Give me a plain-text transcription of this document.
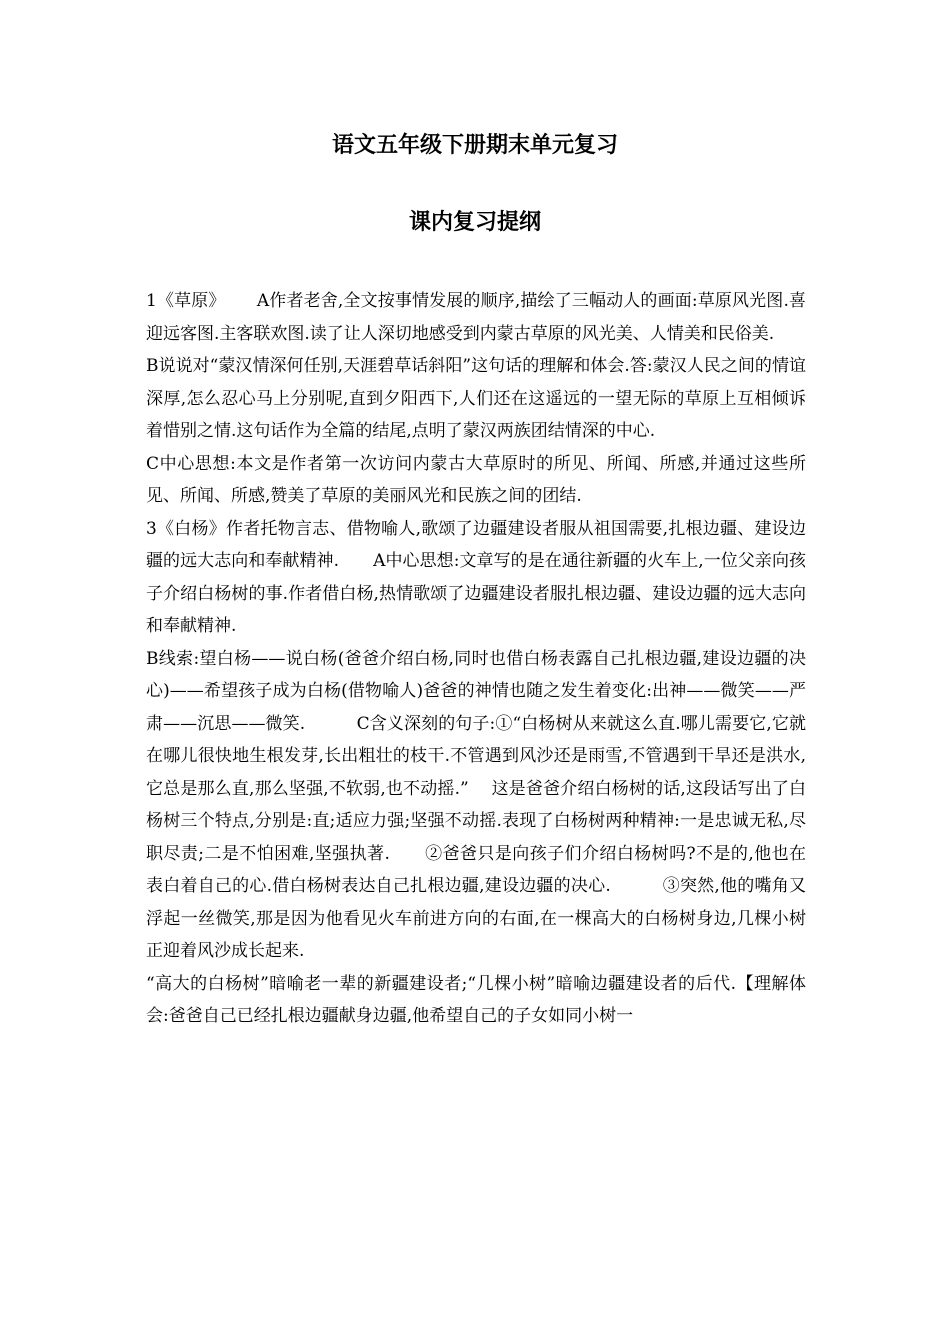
语文五年级下册期末单元复习
课内复习提纲

1《草原》　　 A作者老舍,全文按事情发展的顺序,描绘了三幅动人的画面:草原风光图.喜迎远客图.主客联欢图.读了让人深切地感受到内蒙古草原的风光美、人情美和民俗美.

B说说对“蒙汉情深何任别,天涯碧草话斜阳”这句话的理解和体会.答:蒙汉人民之间的情谊深厚,怎么忍心马上分别呢,直到夕阳西下,人们还在这遥远的一望无际的草原上互相倾诉着惜别之情.这句话作为全篇的结尾,点明了蒙汉两族团结情深的中心.

C中心思想:本文是作者第一次访问内蒙古大草原时的所见、所闻、所感,并通过这些所见、所闻、所感,赞美了草原的美丽风光和民族之间的团结.

3《白杨》作者托物言志、借物喻人,歌颂了边疆建设者服从祖国需要,扎根边疆、建设边疆的远大志向和奉献精神.　　A中心思想:文章写的是在通往新疆的火车上,一位父亲向孩子介绍白杨树的事.作者借白杨,热情歌颂了边疆建设者服扎根边疆、建设边疆的远大志向和奉献精神.

B线索:望白杨——说白杨(爸爸介绍白杨,同时也借白杨表露自己扎根边疆,建设边疆的决心)——希望孩子成为白杨(借物喻人)爸爸的神情也随之发生着变化:出神——微笑——严肃——沉思——微笑.　　　C含义深刻的句子:①“白杨树从来就这么直.哪儿需要它,它就在哪儿很快地生根发芽,长出粗壮的枝干.不管遇到风沙还是雨雪,不管遇到干旱还是洪水,它总是那么直,那么坚强,不软弱,也不动摇.”　 这是爸爸介绍白杨树的话,这段话写出了白杨树三个特点,分别是:直;适应力强;坚强不动摇.表现了白杨树两种精神:一是忠诚无私,尽职尽责;二是不怕困难,坚强执著.　　②爸爸只是向孩子们介绍白杨树吗?不是的,他也在表白着自己的心.借白杨树表达自己扎根边疆,建设边疆的决心.　　　③突然,他的嘴角又浮起一丝微笑,那是因为他看见火车前进方向的右面,在一棵高大的白杨树身边,几棵小树正迎着风沙成长起来.

“高大的白杨树”暗喻老一辈的新疆建设者;“几棵小树”暗喻边疆建设者的后代.【理解体会:爸爸自己已经扎根边疆献身边疆,他希望自己的子女如同小树一
